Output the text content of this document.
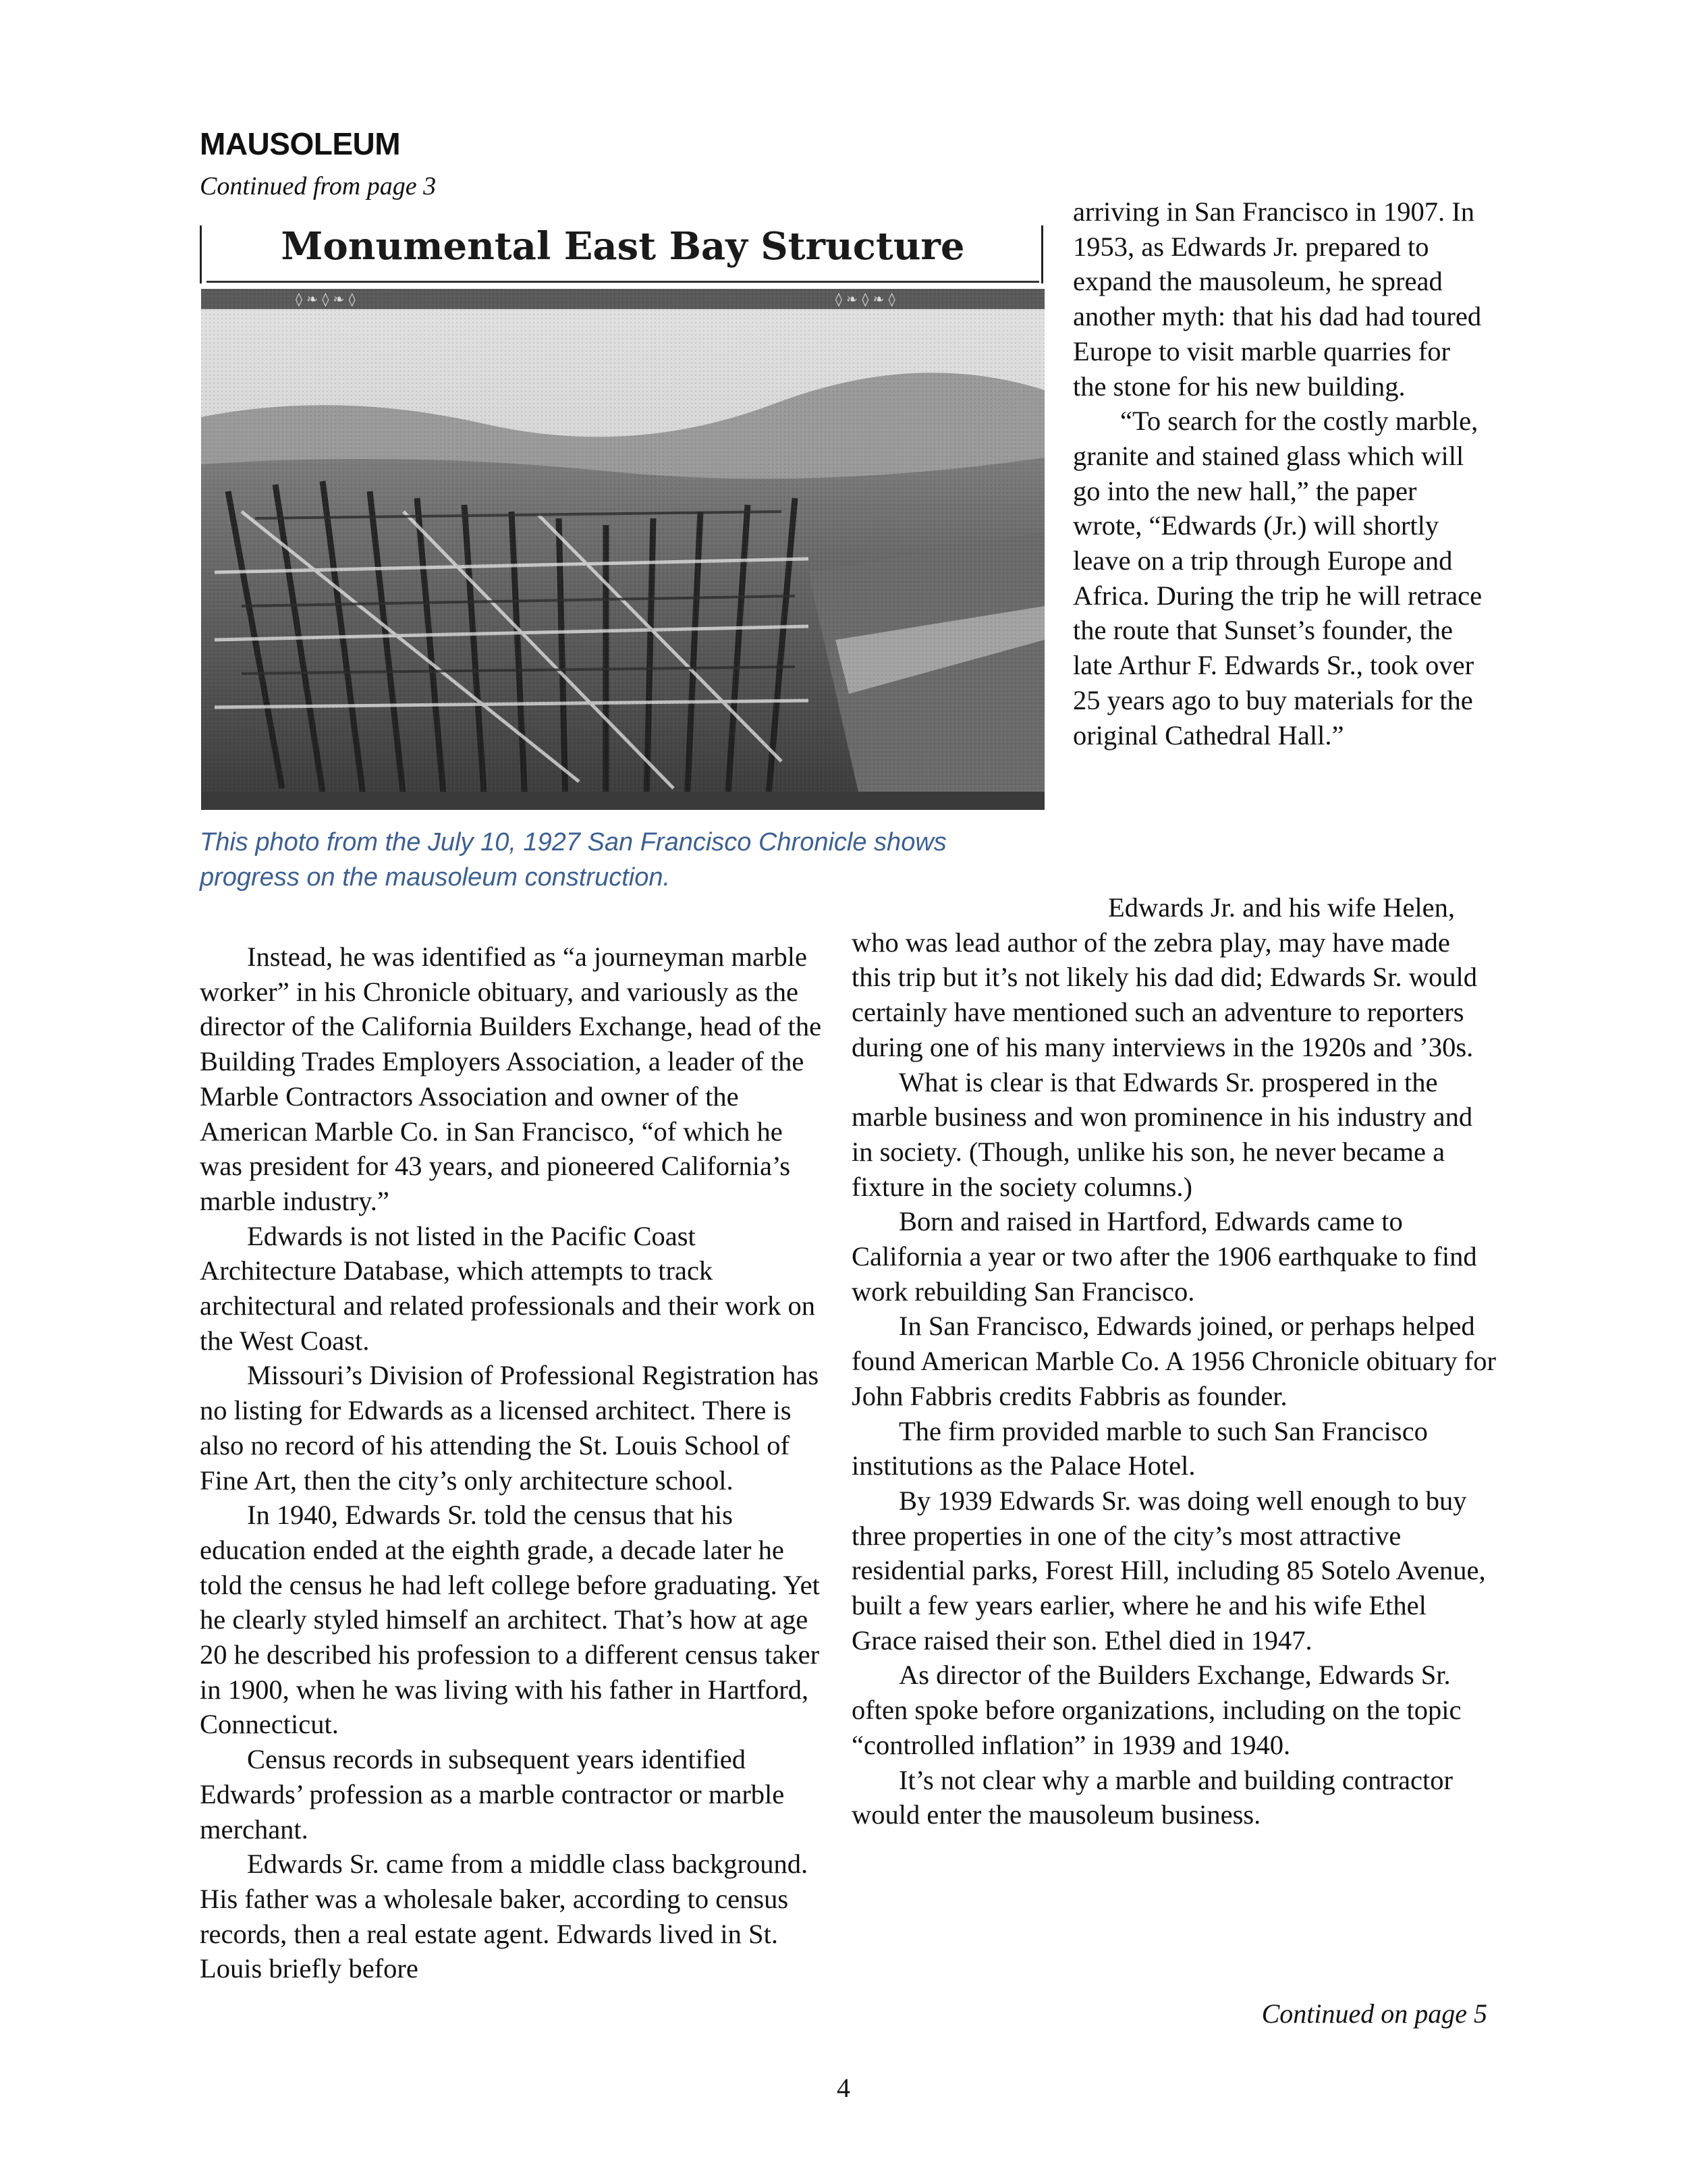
MAUSOLEUM
Continued from page 3
Monumental East Bay Structure
This photo from the July 10, 1927 San Francisco Chronicle shows progress on the mausoleum construction.

arriving in San Francisco in 1907. In 1953, as Edwards Jr. prepared to expand the mausoleum, he spread another myth: that his dad had toured Europe to visit marble quarries for the stone for his new building.

“To search for the costly marble, granite and stained glass which will go into the new hall,” the paper wrote, “Edwards (Jr.) will shortly leave on a trip through Europe and Africa. During the trip he will retrace the route that Sunset’s founder, the late Arthur F. Edwards Sr., took over 25 years ago to buy materials for the original Cathedral Hall.”

Edwards Jr. and his wife Helen, who was lead author of the zebra play, may have made this trip but it’s not likely his dad did; Edwards Sr. would certainly have mentioned such an adventure to reporters during one of his many interviews in the 1920s and ’30s.

What is clear is that Edwards Sr. prospered in the marble business and won prominence in his industry and in society. (Though, unlike his son, he never became a fixture in the society columns.)

Born and raised in Hartford, Edwards came to California a year or two after the 1906 earthquake to find work rebuilding San Francisco.

In San Francisco, Edwards joined, or perhaps helped found American Marble Co. A 1956 Chronicle obituary for John Fabbris credits Fabbris as founder.

The firm provided marble to such San Francisco institutions as the Palace Hotel.

By 1939 Edwards Sr. was doing well enough to buy three properties in one of the city’s most attractive residential parks, Forest Hill, including 85 Sotelo Avenue, built a few years earlier, where he and his wife Ethel Grace raised their son. Ethel died in 1947.

As director of the Builders Exchange, Edwards Sr. often spoke before organizations, including on the topic “controlled inflation” in 1939 and 1940.

It’s not clear why a marble and building contractor would enter the mausoleum business.

Instead, he was identified as “a journeyman marble worker” in his Chronicle obituary, and variously as the director of the California Builders Exchange, head of the Building Trades Employers Association, a leader of the Marble Contractors Association and owner of the American Marble Co. in San Francisco, “of which he was president for 43 years, and pioneered California’s marble industry.”

Edwards is not listed in the Pacific Coast Architecture Database, which attempts to track architectural and related professionals and their work on the West Coast.

Missouri’s Division of Professional Registration has no listing for Edwards as a licensed architect. There is also no record of his attending the St. Louis School of Fine Art, then the city’s only architecture school.

In 1940, Edwards Sr. told the census that his education ended at the eighth grade, a decade later he told the census he had left college before graduating. Yet he clearly styled himself an architect. That’s how at age 20 he described his profession to a different census taker in 1900, when he was living with his father in Hartford, Connecticut.

Census records in subsequent years identified Edwards’ profession as a marble contractor or marble merchant.

Edwards Sr. came from a middle class background. His father was a wholesale baker, according to census records, then a real estate agent. Edwards lived in St. Louis briefly before

Continued on page 5
4
